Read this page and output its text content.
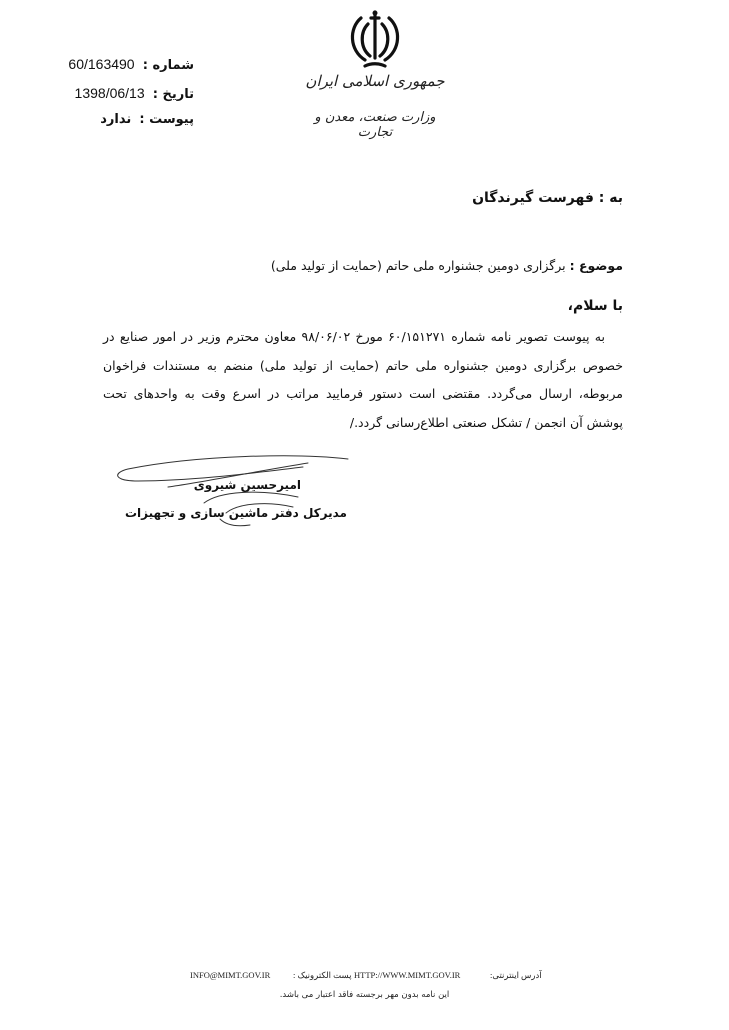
جمهوری اسلامی ایران
وزارت صنعت، معدن و تجارت
شماره : 60/163490
تاریخ : 1398/06/13
پیوست : ندارد
به : فهرست گیرندگان
موضوع : برگزاری دومین جشنواره ملی حاتم (حمایت از تولید ملی)
با سلام،

به پیوست تصویر نامه شماره ۶۰/۱۵۱۲۷۱ مورخ ۹۸/۰۶/۰۲ معاون محترم وزیر در امور صنایع در خصوص برگزاری دومین جشنواره ملی حاتم (حمایت از تولید ملی) منضم به مستندات فراخوان مربوطه، ارسال می‌گردد. مقتضی است دستور فرمایید مراتب در اسرع وقت به واحدهای تحت پوشش آن انجمن / تشکل صنعتی اطلاع‌رسانی گردد./

امیرحسین شیروی
مدیرکل دفتر ماشین سازی و تجهیزات
INFO@MIMT.GOV.IR	پست الکترونیک : HTTP://WWW.MIMT.GOV.IR	آدرس اینترنتی:
این نامه بدون مهر برجسته فاقد اعتبار می باشد.
